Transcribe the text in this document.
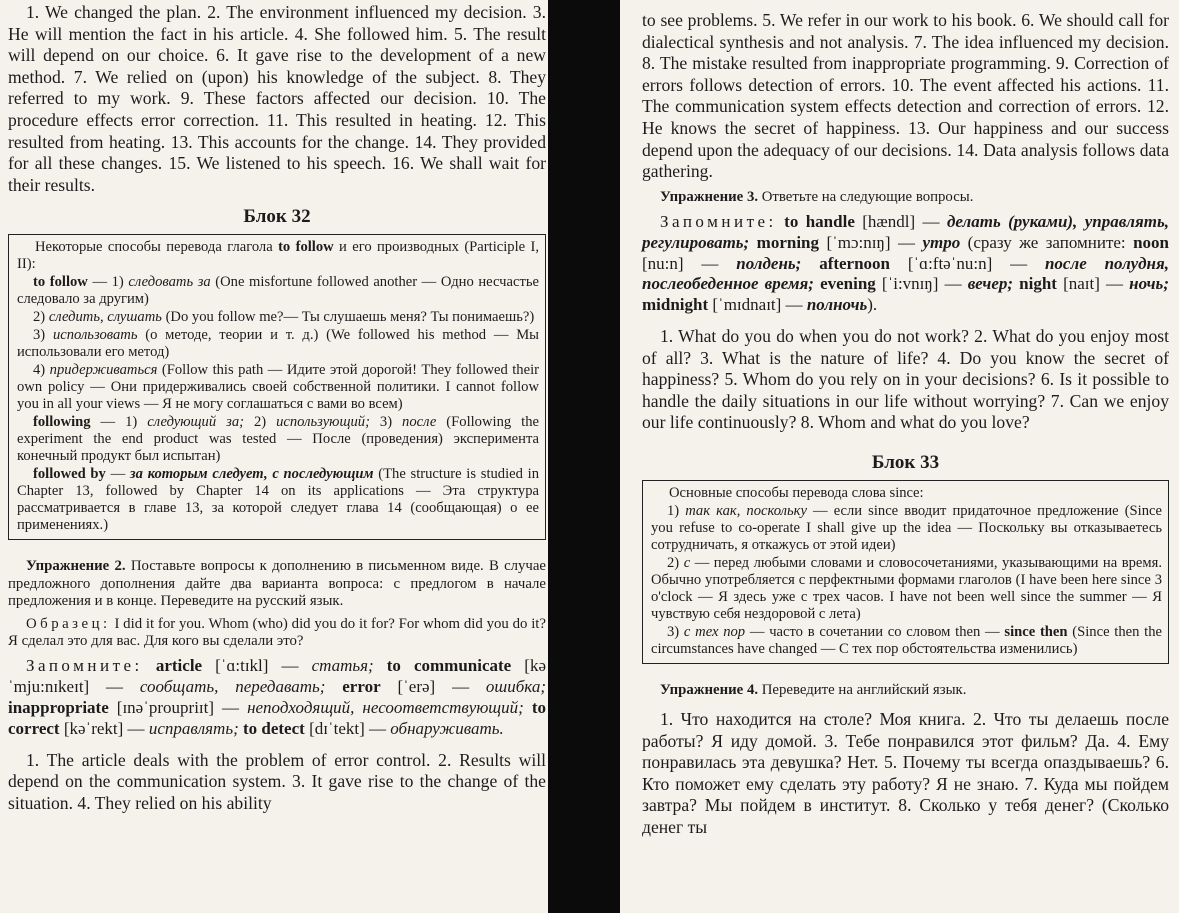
1. We changed the plan. 2. The environment influenced my decision. 3. He will mention the fact in his article. 4. She followed him. 5. The result will depend on our choice. 6. It gave rise to the development of a new method. 7. We relied on (upon) his knowledge of the subject. 8. They referred to my work. 9. These factors affected our decision. 10. The procedure effects error correction. 11. This resulted in heating. 12. This resulted from heating. 13. This accounts for the change. 14. They provided for all these changes. 15. We listened to his speech. 16. We shall wait for their results.

Блок 32

Некоторые способы перевода глагола to follow и его производных (Participle I, II):

to follow — 1) следовать за (One misfortune followed another — Одно несчастье следовало за другим)

2) следить, слушать (Do you follow me?— Ты слушаешь меня? Ты понимаешь?)

3) использовать (о методе, теории и т. д.) (We followed his method — Мы использовали его метод)

4) придерживаться (Follow this path — Идите этой дорогой! They followed their own policy — Они придерживались своей собственной политики. I cannot follow you in all your views — Я не могу соглашаться с вами во всем)

following — 1) следующий за; 2) использующий; 3) после (Following the experiment the end product was tested — После (проведения) эксперимента конечный продукт был испытан)

followed by — за которым следует, с последующим (The structure is studied in Chapter 13, followed by Chapter 14 on its applications — Эта структура рассматривается в главе 13, за которой следует глава 14 (сообщающая) о ее применениях.)

Упражнение 2. Поставьте вопросы к дополнению в письменном виде. В случае предложного дополнения дайте два варианта вопроса: с предлогом в начале предложения и в конце. Переведите на русский язык.

Образец: I did it for you. Whom (who) did you do it for? For whom did you do it? Я сделал это для вас. Для кого вы сделали это?

Запомните: article [ˈɑ:tɪkl] — статья; to communicate [kəˈmju:nɪkeɪt] — сообщать, передавать; error [ˈerə] — ошибка; inappropriate [ɪnəˈproupriɪt] — неподходящий, несоответствующий; to correct [kəˈrekt] — исправлять; to detect [dɪˈtekt] — обнаруживать.

1. The article deals with the problem of error control. 2. Results will depend on the communication system. 3. It gave rise to the change of the situation. 4. They relied on his ability

to see problems. 5. We refer in our work to his book. 6. We should call for dialectical synthesis and not analysis. 7. The idea influenced my decision. 8. The mistake resulted from inappropriate programming. 9. Correction of errors follows detection of errors. 10. The event affected his actions. 11. The communication system effects detection and correction of errors. 12. He knows the secret of happiness. 13. Our happiness and our success depend upon the adequacy of our decisions. 14. Data analysis follows data gathering.

Упражнение 3. Ответьте на следующие вопросы.

Запомните: to handle [hændl] — делать (руками), управлять, регулировать; morning [ˈmɔ:nɪŋ] — утро (сразу же запомните: noon [nu:n] — полдень; afternoon [ˈɑ:ftəˈnu:n] — после полудня, послеобеденное время; evening [ˈi:vnɪŋ] — вечер; night [naɪt] — ночь; midnight [ˈmɪdnaɪt] — полночь).

1. What do you do when you do not work? 2. What do you enjoy most of all? 3. What is the nature of life? 4. Do you know the secret of happiness? 5. Whom do you rely on in your decisions? 6. Is it possible to handle the daily situations in our life without worrying? 7. Can we enjoy our life continuously? 8. Whom and what do you love?

Блок 33

Основные способы перевода слова since:

1) так как, поскольку — если since вводит придаточное предложение (Since you refuse to co-operate I shall give up the idea — Поскольку вы отказываетесь сотрудничать, я откажусь от этой идеи)

2) с — перед любыми словами и словосочетаниями, указывающими на время. Обычно употребляется с перфектными формами глаголов (I have been here since 3 o'clock — Я здесь уже с трех часов. I have not been well since the summer — Я чувствую себя нездоровой с лета)

3) с тех пор — часто в сочетании со словом then — since then (Since then the circumstances have changed — С тех пор обстоятельства изменились)

Упражнение 4. Переведите на английский язык.

1. Что находится на столе? Моя книга. 2. Что ты делаешь после работы? Я иду домой. 3. Тебе понравился этот фильм? Да. 4. Ему понравилась эта девушка? Нет. 5. Почему ты всегда опаздываешь? 6. Кто поможет ему сделать эту работу? Я не знаю. 7. Куда мы пойдем завтра? Мы пойдем в институт. 8. Сколько у тебя денег? (Сколько денег ты
